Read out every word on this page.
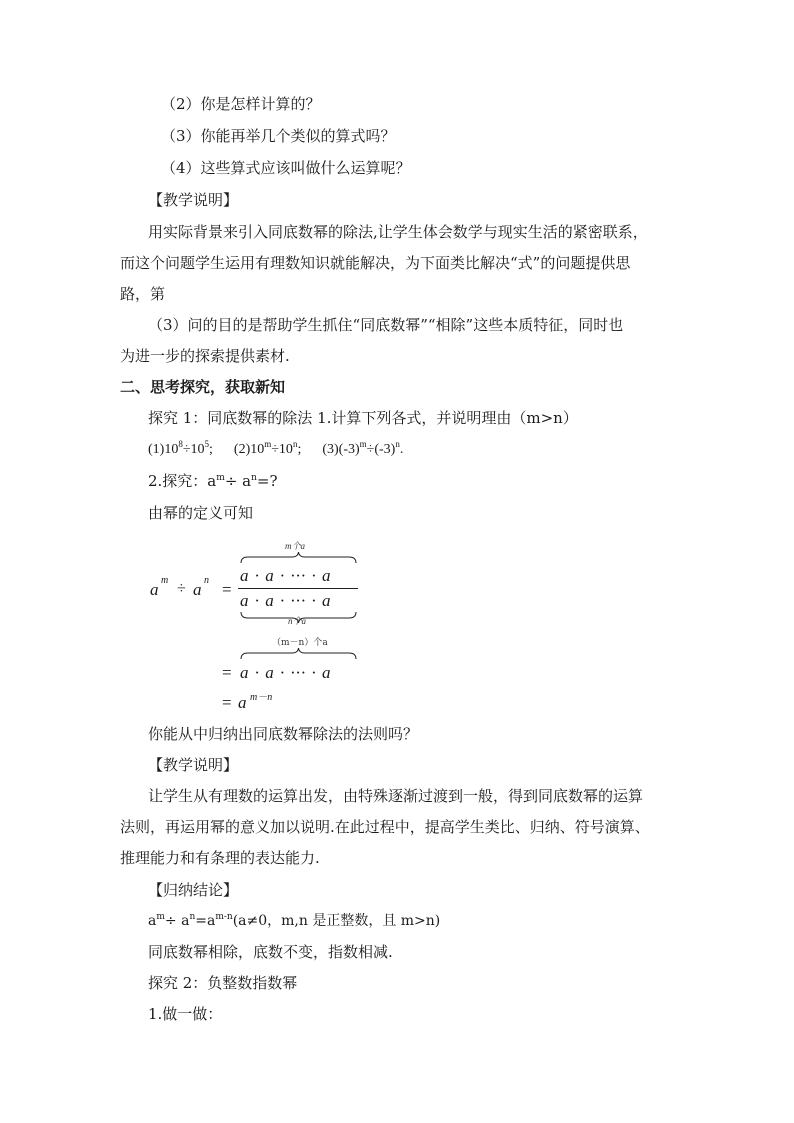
（2）你是怎样计算的？
（3）你能再举几个类似的算式吗？
（4）这些算式应该叫做什么运算呢？
【教学说明】
用实际背景来引入同底数幂的除法,让学生体会数学与现实生活的紧密联系，
而这个问题学生运用有理数知识就能解决，为下面类比解决“式”的问题提供思
路，第
（3）问的目的是帮助学生抓住“同底数幂”“相除”这些本质特征，同时也
为进一步的探索提供素材.
二、思考探究，获取新知
探究 1：同底数幂的除法 1.计算下列各式，并说明理由（m>n）
$(1)10^8\div 10^5$; $(2)10^m\div 10^n$; $(3)(-3)^m\div(-3)^n$.
2.探究：$a^m\div a^n=$?
由幂的定义可知
a m ÷ a n =
m个a
a · a · ··· · a
a · a · ··· · a
n个a
（m－n）个a
= a · a · ··· · a
= a m－n
你能从中归纳出同底数幂除法的法则吗？
【教学说明】
让学生从有理数的运算出发，由特殊逐渐过渡到一般，得到同底数幂的运算
法则，再运用幂的意义加以说明.在此过程中，提高学生类比、归纳、符号演算、
推理能力和有条理的表达能力.
【归纳结论】
$a^m\div a^n=a^{m-n}(a\ne 0$，m,n 是正整数，且 m>n)
同底数幂相除，底数不变，指数相减.
探究 2：负整数指数幂
1.做一做：
